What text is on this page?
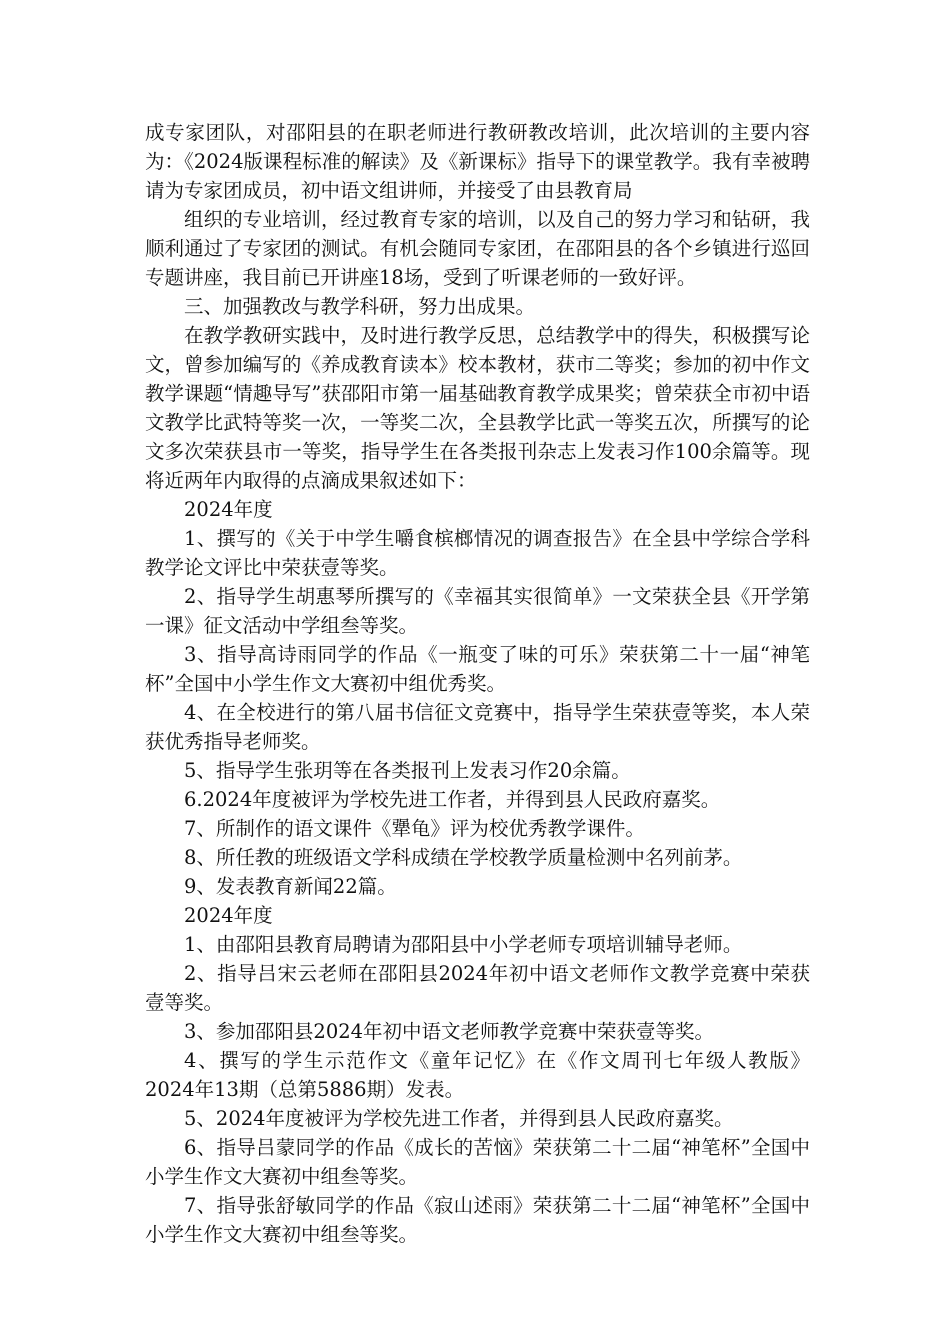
成专家团队，对邵阳县的在职老师进行教研教改培训，此次培训的主要内容为：《2024版课程标准的解读》及《新课标》指导下的课堂教学。我有幸被聘请为专家团成员，初中语文组讲师，并接受了由县教育局

组织的专业培训，经过教育专家的培训，以及自己的努力学习和钻研，我顺利通过了专家团的测试。有机会随同专家团，在邵阳县的各个乡镇进行巡回专题讲座，我目前已开讲座18场，受到了听课老师的一致好评。

三、加强教改与教学科研，努力出成果。

在教学教研实践中，及时进行教学反思，总结教学中的得失，积极撰写论文，曾参加编写的《养成教育读本》校本教材，获市二等奖；参加的初中作文教学课题“情趣导写”获邵阳市第一届基础教育教学成果奖；曾荣获全市初中语文教学比武特等奖一次，一等奖二次，全县教学比武一等奖五次，所撰写的论文多次荣获县市一等奖，指导学生在各类报刊杂志上发表习作100余篇等。现将近两年内取得的点滴成果叙述如下：

2024年度

1、撰写的《关于中学生嚼食槟榔情况的调查报告》在全县中学综合学科教学论文评比中荣获壹等奖。

2、指导学生胡惠琴所撰写的《幸福其实很简单》一文荣获全县《开学第一课》征文活动中学组叁等奖。

3、指导高诗雨同学的作品《一瓶变了味的可乐》荣获第二十一届“神笔杯”全国中小学生作文大赛初中组优秀奖。

4、在全校进行的第八届书信征文竞赛中，指导学生荣获壹等奖，本人荣获优秀指导老师奖。

5、指导学生张玥等在各类报刊上发表习作20余篇。

6.2024年度被评为学校先进工作者，并得到县人民政府嘉奖。

7、所制作的语文课件《犟龟》评为校优秀教学课件。

8、所任教的班级语文学科成绩在学校教学质量检测中名列前茅。

9、发表教育新闻22篇。

2024年度

1、由邵阳县教育局聘请为邵阳县中小学老师专项培训辅导老师。

2、指导吕宋云老师在邵阳县2024年初中语文老师作文教学竞赛中荣获壹等奖。

3、参加邵阳县2024年初中语文老师教学竞赛中荣获壹等奖。

4、撰写的学生示范作文《童年记忆》在《作文周刊七年级人教版》2024年13期（总第5886期）发表。

5、2024年度被评为学校先进工作者，并得到县人民政府嘉奖。

6、指导吕蒙同学的作品《成长的苦恼》荣获第二十二届“神笔杯”全国中小学生作文大赛初中组叁等奖。

7、指导张舒敏同学的作品《寂山述雨》荣获第二十二届“神笔杯”全国中小学生作文大赛初中组叁等奖。
